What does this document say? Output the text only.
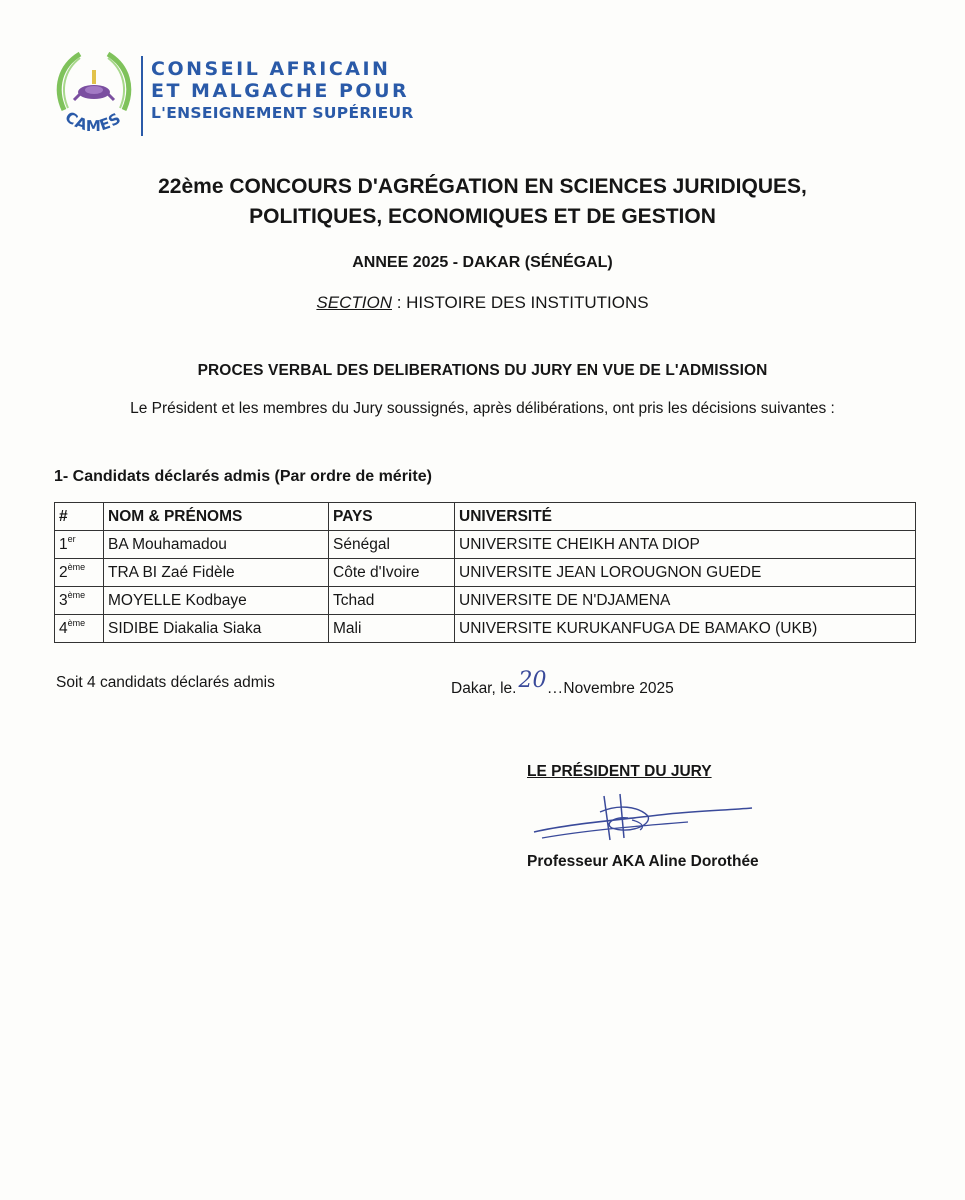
CAMES
CONSEIL AFRICAIN
ET MALGACHE POUR
L'ENSEIGNEMENT SUPÉRIEUR
22ème CONCOURS D'AGRÉGATION EN SCIENCES JURIDIQUES,
POLITIQUES, ECONOMIQUES ET DE GESTION
ANNEE 2025 - DAKAR (SÉNÉGAL)
SECTION : HISTOIRE DES INSTITUTIONS
PROCES VERBAL DES DELIBERATIONS DU JURY EN VUE DE L'ADMISSION
Le Président et les membres du Jury soussignés, après délibérations, ont pris les décisions suivantes :
1- Candidats déclarés admis (Par ordre de mérite)
#	NOM & PRÉNOMS	PAYS	UNIVERSITÉ
1er	BA Mouhamadou	Sénégal	UNIVERSITE CHEIKH ANTA DIOP
2ème	TRA BI Zaé Fidèle	Côte d'Ivoire	UNIVERSITE JEAN LOROUGNON GUEDE
3ème	MOYELLE Kodbaye	Tchad	UNIVERSITE DE N'DJAMENA
4ème	SIDIBE Diakalia Siaka	Mali	UNIVERSITE KURUKANFUGA DE BAMAKO (UKB)
Soit 4 candidats déclarés admis	Dakar, le.20...Novembre 2025
LE PRÉSIDENT DU JURY
Professeur AKA Aline Dorothée
